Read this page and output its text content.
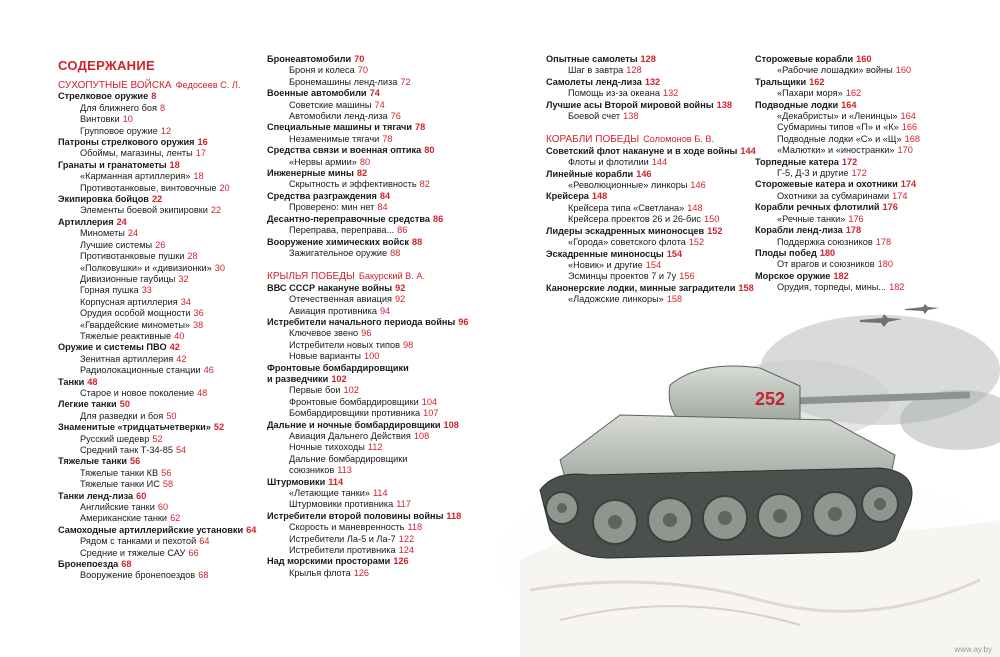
СОДЕРЖАНИЕ
СУХОПУТНЫЕ ВОЙСКА Федосеев С. Л.
Стрелковое оружие 8
Для ближнего боя 8
Винтовки 10
Групповое оружие 12
Патроны стрелкового оружия 16
Обоймы, магазины, ленты 17
Гранаты и гранатометы 18
«Карманная артиллерия» 18
Противотанковые, винтовочные 20
Экипировка бойцов 22
Элементы боевой экипировки 22
Артиллерия 24
Минометы 24
Лучшие системы 26
Противотанковые пушки 28
«Полковушки» и «дивизионки» 30
Дивизионные гаубицы 32
Горная пушка 33
Корпусная артиллерия 34
Орудия особой мощности 36
«Гвардейские минометы» 38
Тяжелые реактивные 40
Оружие и системы ПВО 42
Зенитная артиллерия 42
Радиолокационные станции 46
Танки 48
Старое и новое поколение 48
Легкие танки 50
Для разведки и боя 50
Знаменитые «тридцатьчетверки» 52
Русский шедевр 52
Средний танк Т-34-85 54
Тяжелые танки 56
Тяжелые танки КВ 56
Тяжелые танки ИС 58
Танки ленд-лиза 60
Английские танки 60
Американские танки 62
Самоходные артиллерийские установки 64
Рядом с танками и пехотой 64
Средние и тяжелые САУ 66
Бронепоезда 68
Вооружение бронепоездов 68
Бронеавтомобили 70
Броня и колеса 70
Бронемашины ленд-лиза 72
Военные автомобили 74
Советские машины 74
Автомобили ленд-лиза 76
Специальные машины и тягачи 78
Незаменимые тягачи 78
Средства связи и военная оптика 80
«Нервы армии» 80
Инженерные мины 82
Скрытность и эффективность 82
Средства разграждения 84
Проверено: мин нет 84
Десантно-переправочные средства 86
Переправа, переправа... 86
Вооружение химических войск 88
Зажигательное оружие 88
КРЫЛЬЯ ПОБЕДЫ Бакурский В. А.
ВВС СССР накануне войны 92
Отечественная авиация 92
Авиация противника 94
Истребители начального периода войны 96
Ключевое звено 96
Истребители новых типов 98
Новые варианты 100
Фронтовые бомбардировщики
и разведчики 102
Первые бои 102
Фронтовые бомбардировщики 104
Бомбардировщики противника 107
Дальние и ночные бомбардировщики 108
Авиация Дальнего Действия 108
Ночные тихоходы 112
Дальние бомбардировщики
союзников 113
Штурмовики 114
«Летающие танки» 114
Штурмовики противника 117
Истребители второй половины войны 118
Скорость и маневренность 118
Истребители Ла-5 и Ла-7 122
Истребители противника 124
Над морскими просторами 126
Крылья флота 126
Опытные самолеты 128
Шаг в завтра 128
Самолеты ленд-лиза 132
Помощь из-за океана 132
Лучшие асы Второй мировой войны 138
Боевой счет 138
КОРАБЛИ ПОБЕДЫ Соломонов Б. В.
Советский флот накануне и в ходе войны 144
Флоты и флотилии 144
Линейные корабли 146
«Революционные» линкоры 146
Крейсера 148
Крейсера типа «Светлана» 148
Крейсера проектов 26 и 26-бис 150
Лидеры эскадренных миноносцев 152
«Города» советского флота 152
Эскадренные миноносцы 154
«Новик» и другие 154
Эсминцы проектов 7 и 7у 156
Канонерские лодки, минные заградители 158
«Ладожские линкоры» 158
Сторожевые корабли 160
«Рабочие лошадки» войны 160
Тральщики 162
«Пахари моря» 162
Подводные лодки 164
«Декабристы» и «Ленинцы» 164
Субмарины типов «П» и «К» 166
Подводные лодки «С» и «Щ» 168
«Малютки» и «иностранки» 170
Торпедные катера 172
Г-5, Д-3 и другие 172
Сторожевые катера и охотники 174
Охотники за субмаринами 174
Корабли речных флотилий 176
«Речные танки» 176
Корабли ленд-лиза 178
Поддержка союзников 178
Плоды побед 180
От врагов и союзников 180
Морское оружие 182
Орудия, торпеды, мины... 182
252
www.ay.by
